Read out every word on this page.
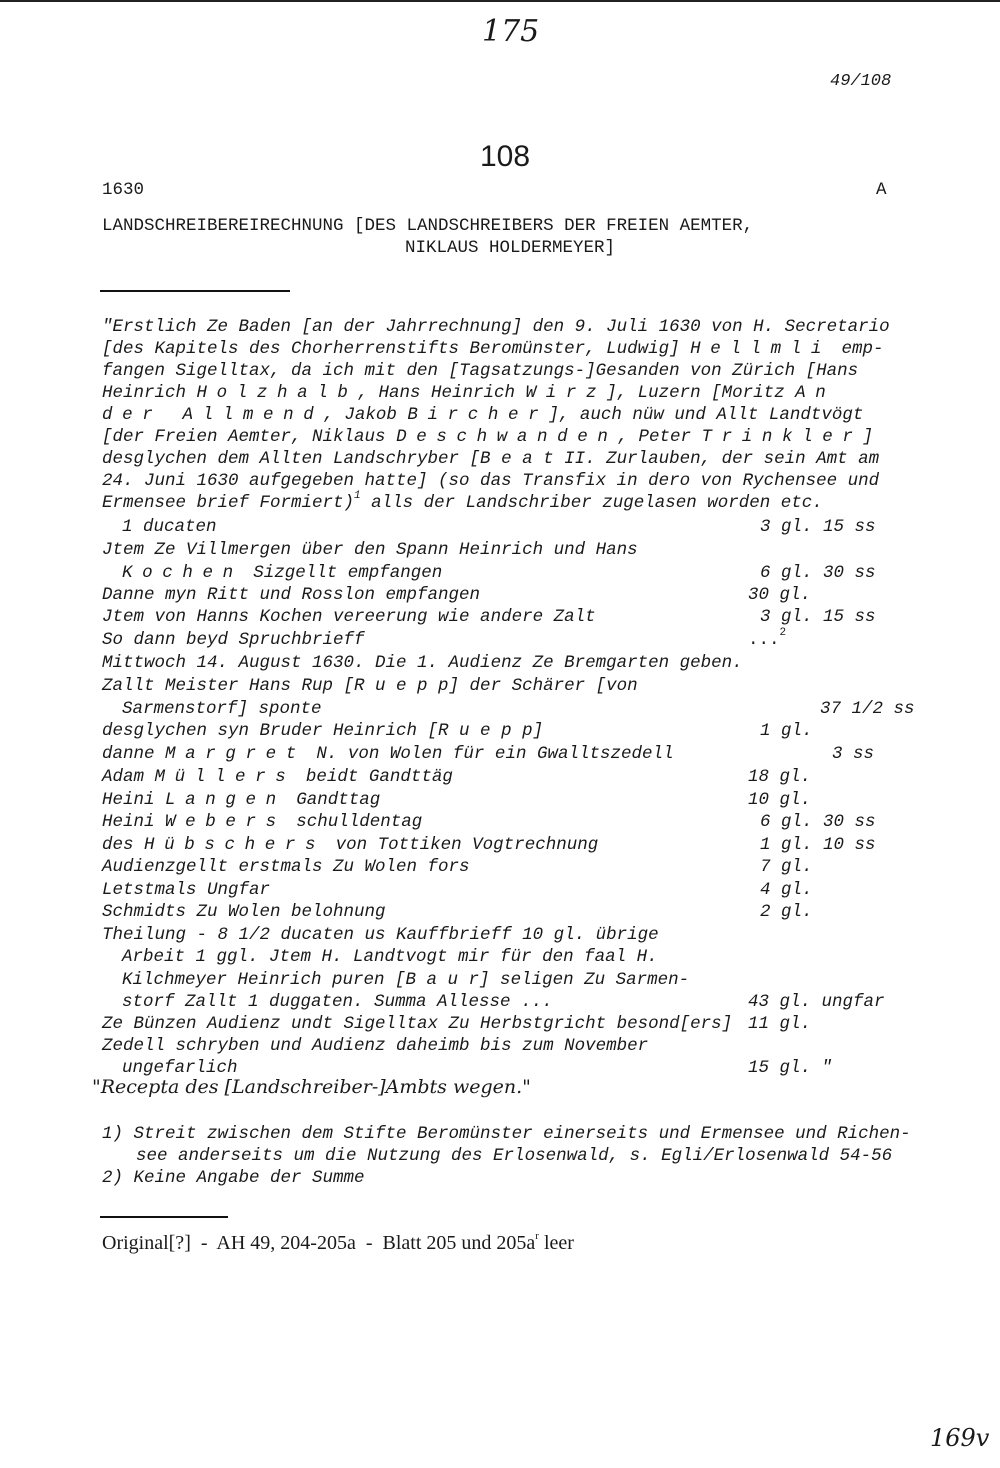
175
49/108
108
1630	A
LANDSCHREIBEREIRECHNUNG [DES LANDSCHREIBERS DER FREIEN AEMTER,
NIKLAUS HOLDERMEYER]
"Erstlich Ze Baden [an der Jahrrechnung] den 9. Juli 1630 von H. Secretario
[des Kapitels des Chorherrenstifts Beromünster, Ludwig] Hellmli emp-
fangen Sigelltax, da ich mit den [Tagsatzungs-]Gesanden von Zürich [Hans
Heinrich Holzhalb, Hans Heinrich Wirz], Luzern [Moritz An
der Allmend, Jakob Bircher], auch nüw und Allt Landtvögt
[der Freien Aemter, Niklaus Deschwanden, Peter Trinkler]
desglychen dem Allten Landschryber [B e a t II. Zurlauben, der sein Amt am
24. Juni 1630 aufgegeben hatte] (so das Transfix in dero von Rychensee und
Ermensee brief Formiert)$^1$ alls der Landschriber zugelasen worden etc.
1 ducaten	3 gl. 15 ss
Jtem Ze Villmergen über den Spann Heinrich und Hans
Kochen Sizgellt empfangen	6 gl. 30 ss
Danne myn Ritt und Rosslon empfangen	30 gl.
Jtem von Hanns Kochen vereerung wie andere Zalt	3 gl. 15 ss
So dann beyd Spruchbrieff	...$^2$
Mittwoch 14. August 1630. Die 1. Audienz Ze Bremgarten geben.
Zallt Meister Hans Rup [R u e p p] der Schärer [von
Sarmenstorf] sponte	37 1/2 ss
desglychen syn Bruder Heinrich [R u e p p]	1 gl.
danne Margret N. von Wolen für ein Gwalltszedell	3 ss
Adam Müllers beidt Gandttäg	18 gl.
Heini Langen Gandttag	10 gl.
Heini Webers schulldentag	6 gl. 30 ss
des Hübschers von Tottiken Vogtrechnung	1 gl. 10 ss
Audienzgellt erstmals Zu Wolen fors	7 gl.
Letstmals Ungfar	4 gl.
Schmidts Zu Wolen belohnung	2 gl.
Theilung - 8 1/2 ducaten us Kauffbrieff 10 gl. übrige
Arbeit 1 ggl. Jtem H. Landtvogt mir für den faal H.
Kilchmeyer Heinrich puren [B a u r] seligen Zu Sarmen-
storf Zallt 1 duggaten. Summa Allesse ...	43 gl. ungfar
Ze Bünzen Audienz undt Sigelltax Zu Herbstgricht besond[ers] 11 gl.
Zedell schryben und Audienz daheimb bis zum November
ungefarlich	15 gl. "
"Recepta des [Landschreiber-]Ambts wegen."
1) Streit zwischen dem Stifte Beromünster einerseits und Ermensee und Richen-
see anderseits um die Nutzung des Erlosenwald, s. Egli/Erlosenwald 54-56
2) Keine Angabe der Summe
Original[?]  -  AH 49, 204-205a  -  Blatt 205 und $205a^r$ leer
169v
